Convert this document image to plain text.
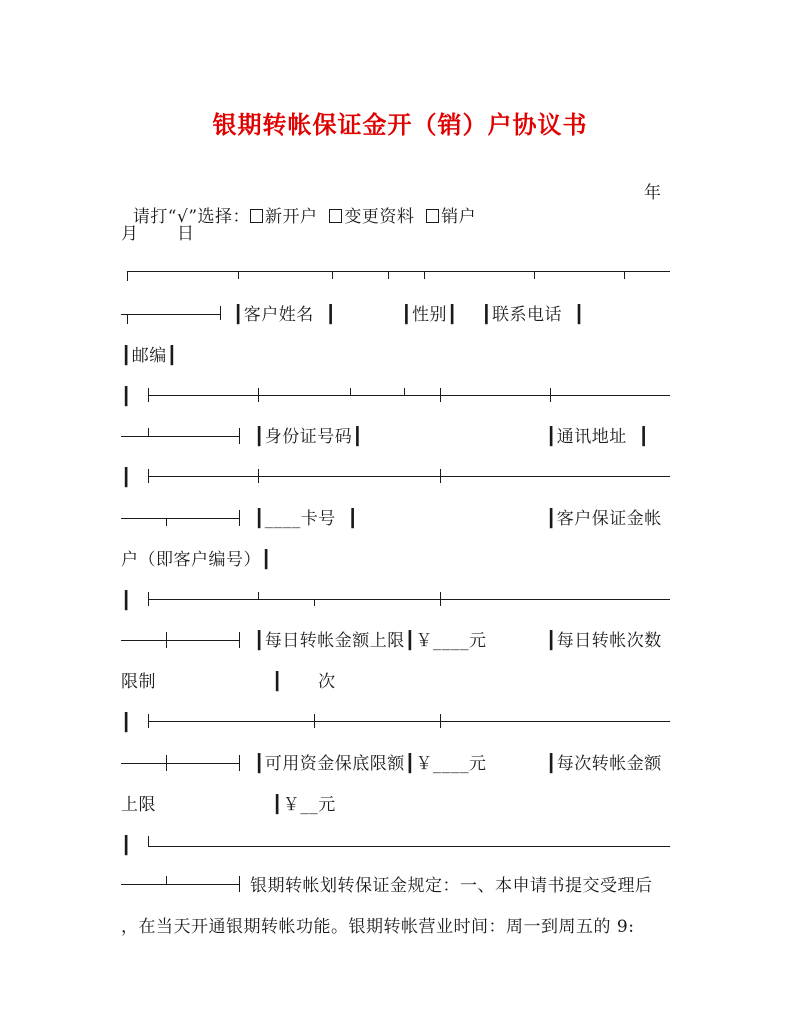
银期转帐保证金开（销）户协议书

请打“√”选择： 新开户 变更资料 销户

年
月 日
┃客户姓名  ┃           ┃性别┃    ┃联系电话  ┃
┃邮编┃
┃
┃身份证号码┃	┃通讯地址  ┃
┃
┃____卡号  ┃	┃客户保证金帐
户（即客户编号）┃
┃
┃每日转帐金额上限┃￥____元	┃每日转帐次数
限制	┃      次
┃
┃可用资金保底限额┃￥____元	┃每次转帐金额
上限	┃￥__元
┃
银期转帐划转保证金规定：一、本申请书提交受理后
，在当天开通银期转帐功能。银期转帐营业时间：周一到周五的 9:
